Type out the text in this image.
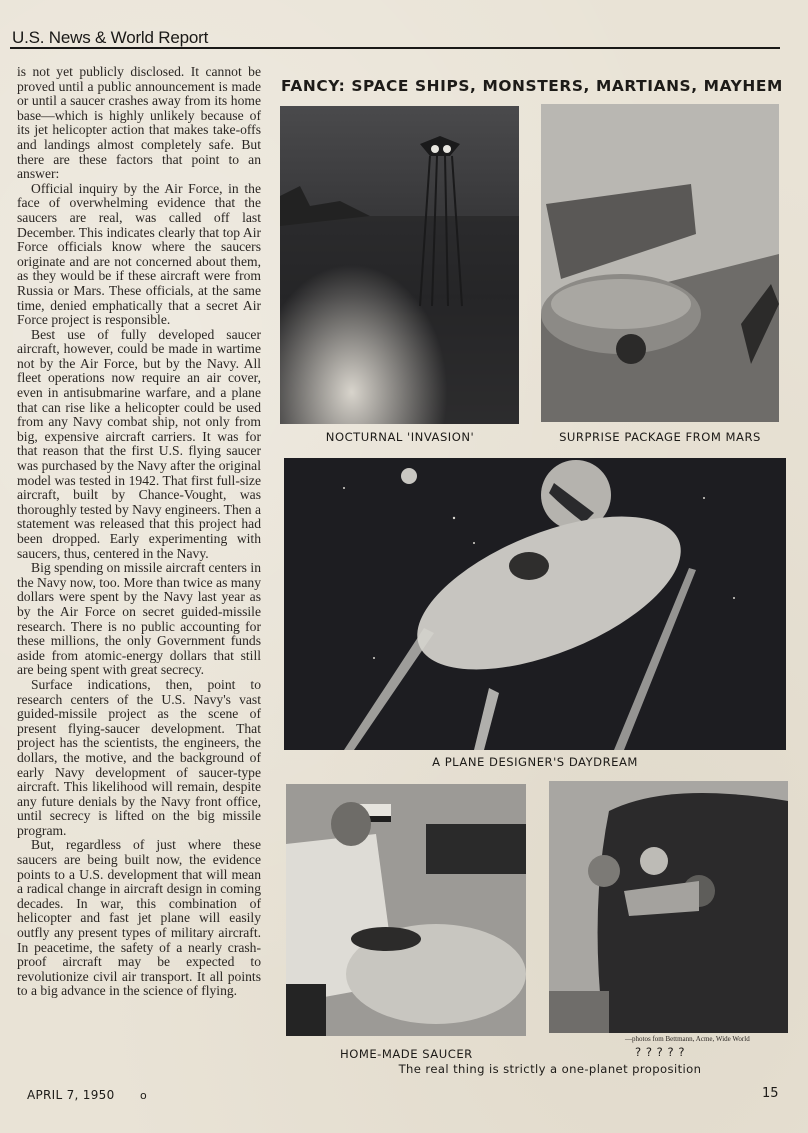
U.S. News & World Report

is not yet publicly disclosed. It cannot be proved until a public announcement is made or until a saucer crashes away from its home base—which is highly unlikely because of its jet helicopter action that makes take-offs and landings almost completely safe. But there are these factors that point to an answer:

Official inquiry by the Air Force, in the face of overwhelming evidence that the saucers are real, was called off last December. This indicates clearly that top Air Force officials know where the saucers originate and are not concerned about them, as they would be if these aircraft were from Russia or Mars. These officials, at the same time, denied emphatically that a secret Air Force project is responsible.

Best use of fully developed saucer aircraft, however, could be made in wartime not by the Air Force, but by the Navy. All fleet operations now require an air cover, even in antisubmarine warfare, and a plane that can rise like a helicopter could be used from any Navy combat ship, not only from big, expensive aircraft carriers. It was for that reason that the first U.S. flying saucer was purchased by the Navy after the original model was tested in 1942. That first full-size aircraft, built by Chance-Vought, was thoroughly tested by Navy engineers. Then a statement was released that this project had been dropped. Early experimenting with saucers, thus, centered in the Navy.

Big spending on missile aircraft centers in the Navy now, too. More than twice as many dollars were spent by the Navy last year as by the Air Force on secret guided-missile research. There is no public accounting for these millions, the only Government funds aside from atomic-energy dollars that still are being spent with great secrecy.

Surface indications, then, point to research centers of the U.S. Navy's vast guided-missile project as the scene of present flying-saucer development. That project has the scientists, the engineers, the dollars, the motive, and the background of early Navy development of saucer-type aircraft. This likelihood will remain, despite any future denials by the Navy front office, until secrecy is lifted on the big missile program.

But, regardless of just where these saucers are being built now, the evidence points to a U.S. development that will mean a radical change in aircraft design in coming decades. In war, this combination of helicopter and fast jet plane will easily outfly any present types of military aircraft. In peacetime, the safety of a nearly crash-proof aircraft may be expected to revolutionize civil air transport. It all points to a big advance in the science of flying.

FANCY: SPACE SHIPS, MONSTERS, MARTIANS, MAYHEM
NOCTURNAL 'INVASION'	SURPRISE PACKAGE FROM MARS
A PLANE DESIGNER'S DAYDREAM
HOME-MADE SAUCER
—photos fom Bettmann, Acme, Wide World
? ? ? ? ?
The real thing is strictly a one-planet proposition
APRIL 7, 1950 o	15
